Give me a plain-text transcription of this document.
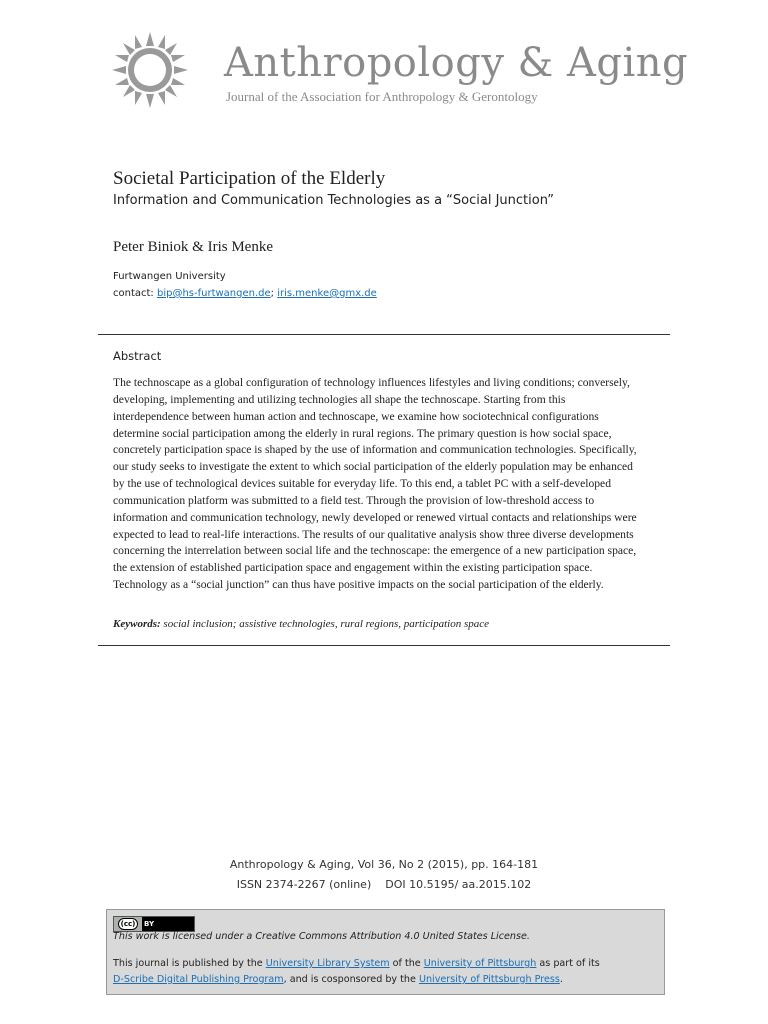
Anthropology & Aging
Journal of the Association for Anthropology & Gerontology
Societal Participation of the Elderly
Information and Communication Technologies as a “Social Junction”
Peter Biniok & Iris Menke
Furtwangen University
contact: bip@hs-furtwangen.de; iris.menke@gmx.de
Abstract

The technoscape as a global configuration of technology influences lifestyles and living conditions; conversely, developing, implementing and utilizing technologies all shape the technoscape. Starting from this interdependence between human action and technoscape, we examine how sociotechnical configurations determine social participation among the elderly in rural regions. The primary question is how social space, concretely participation space is shaped by the use of information and communication technologies. Specifically, our study seeks to investigate the extent to which social participation of the elderly population may be enhanced by the use of technological devices suitable for everyday life. To this end, a tablet PC with a self-developed communication platform was submitted to a field test. Through the provision of low-threshold access to information and communication technology, newly developed or renewed virtual contacts and relationships were expected to lead to real-life interactions. The results of our qualitative analysis show three diverse developments concerning the interrelation between social life and the technoscape: the emergence of a new participation space, the extension of established participation space and engagement within the existing participation space. Technology as a “social junction” can thus have positive impacts on the social participation of the elderly.

Keywords: social inclusion; assistive technologies, rural regions, participation space
Anthropology & Aging, Vol 36, No 2 (2015), pp. 164-181
ISSN 2374-2267 (online)    DOI 10.5195/ aa.2015.102
(cc)	BY
This work is licensed under a Creative Commons Attribution 4.0 United States License.
This journal is published by the University Library System of the University of Pittsburgh as part of its
D-Scribe Digital Publishing Program, and is cosponsored by the University of Pittsburgh Press.
